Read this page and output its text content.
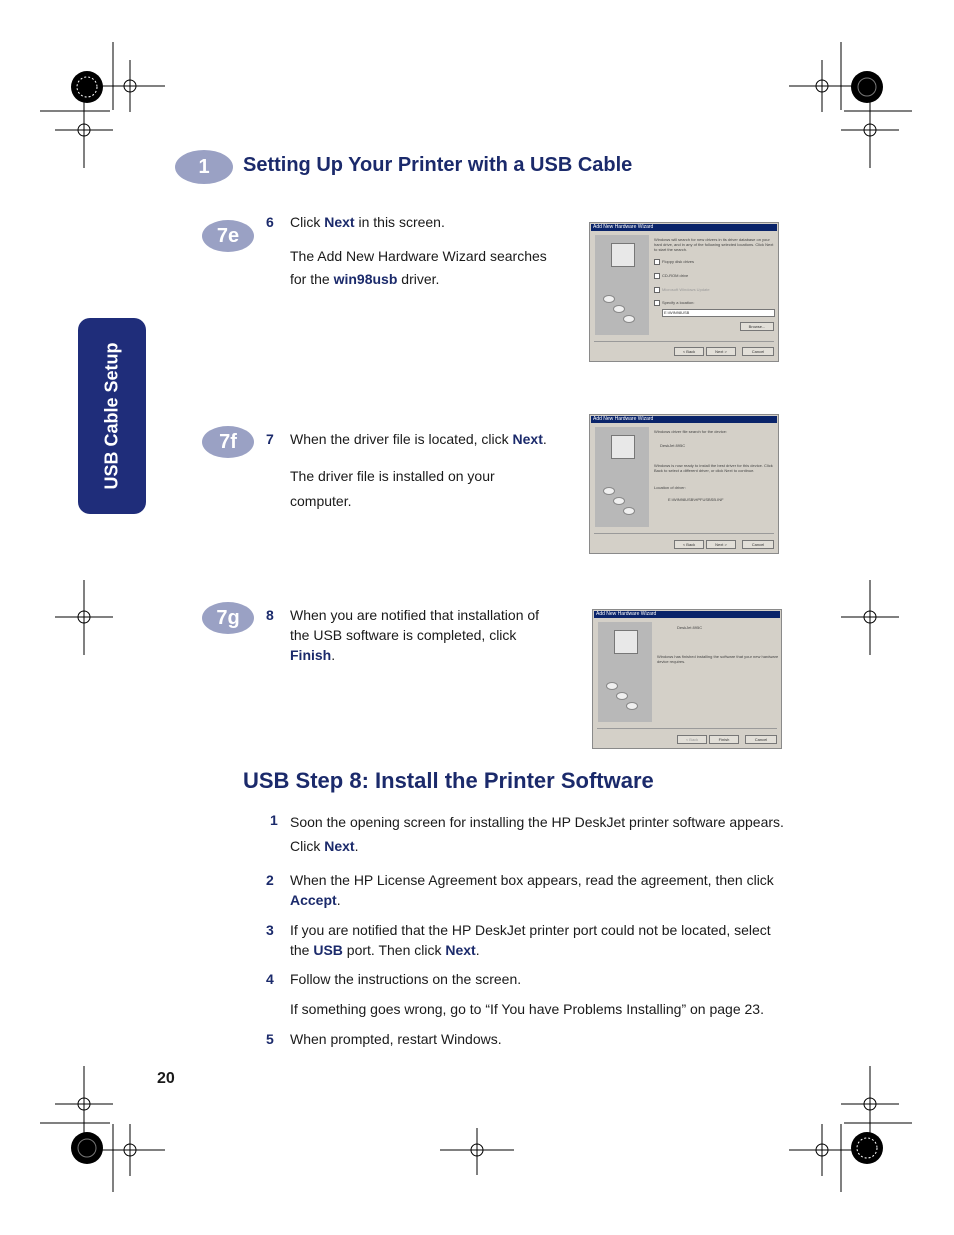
USB Cable Setup
1	Setting Up Your Printer with a USB Cable
7e
6 Click Next in this screen.
The Add New Hardware Wizard searches for the win98usb driver.
Add New Hardware Wizard
Windows will search for new drivers in its driver database on your hard drive, and in any of the following selected locations. Click Next to start the search.
Floppy disk drives
CD-ROM drive
Microsoft Windows Update
Specify a location:
E:\WIN98USB
Browse...
< Back	Next >	Cancel
7f	7 When the driver file is located, click Next.
The driver file is installed on your computer.
Add New Hardware Wizard
Windows driver file search for the device:
DeskJet 895C
Windows is now ready to install the best driver for this device. Click Back to select a different driver, or click Next to continue.
Location of driver:
E:\WIN98USB\HPFUSBSB.INF
< Back	Next >	Cancel
7g	8 When you are notified that installation of the USB software is completed, click Finish.
Add New Hardware Wizard
DeskJet 895C
Windows has finished installing the software that your new hardware device requires.
< Back	Finish	Cancel
USB Step 8: Install the Printer Software
1 Soon the opening screen for installing the HP DeskJet printer software appears. Click Next.
2 When the HP License Agreement box appears, read the agreement, then click Accept.
3 If you are notified that the HP DeskJet printer port could not be located, select the USB port. Then click Next.
4 Follow the instructions on the screen.
If something goes wrong, go to “If You have Problems Installing” on page 23.
5 When prompted, restart Windows.
20
